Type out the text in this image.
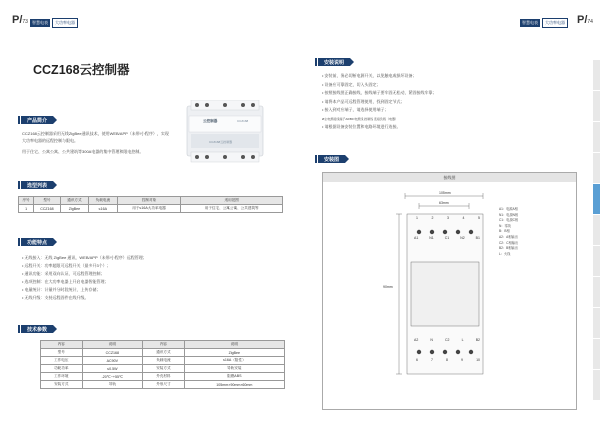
P/73	智慧电表	大功率电器
CCZ168云控制器
产品简介
CCZ168云控制器采用无线ZigBee通讯技术，使用WEB/APP（未带/小程序），实现大功率电器的远程控制与限电。
用于住宅、公寓公寓、公共建筑等300A电器的集中管理和限电控制。
云控制器	CCZ168
CCZ168云控制器
选型列表
序号	型号	通讯方式	负载电流	控制对象	适用范围
1	CCZ168	ZigBee	≤16A	用于≤16A大功率电器	用于住宅、公寓公寓、公共建筑等
功能特点
• 无线接入：无线 ZigBee 通讯，WEB/APP（未带/小程序）远程管理；
• 远程开关：功率超限可远程开关（最多开3个）；
• 通讯功能：采用双向认证，可远程管理控制；
• 选项控制：在大功率电器上开启电器智能管理；
• 电量统计：计量并分时段统计，上传存储；
• 无线升级：支持远程固件在线升级。
技术参数
内容	说明	内容	说明
型号	CCZ168	通讯方式	ZigBee
工作电压	AC90V	负载电流	≤16A（阻性）
功耗功率	≤0.5W	安装方式	导轨安装
工作环境	-20℃~+55℃	外壳材料	阻燃ABS
安装方式	导轨	外形尺寸	105mm×90mm×60mm
智慧电表	大功率电器 P/74
安装说明
• 安装前，务必切断电源开关，以免触电或损坏设备；
• 设备应可靠固定，切入头固定；
• 按照接线图正确接线，接线端子要牢固无松动，紧固接线牢靠；
• 请将本产品可远程管理使用，找到固定节式；
• 接入到对应端子，请选择使用端子；
Ø主电源接线端子A0/B0 电源线 控制线 连接负载（电器）
• 请根据设备安装位置和电路环境进行连接。
安装图
接线图
105mm
63mm
90mm
1	2	3	4	5
A1	N1	C1	N2	B1
A2	N	C2	L	B2
6	7	8	9	10
A1：电源A相
N1：电源N相
C1：电源C相
N：零线
B：B相
A2：A相输出
C2：C相输出
B2：B相输出
L：火线
